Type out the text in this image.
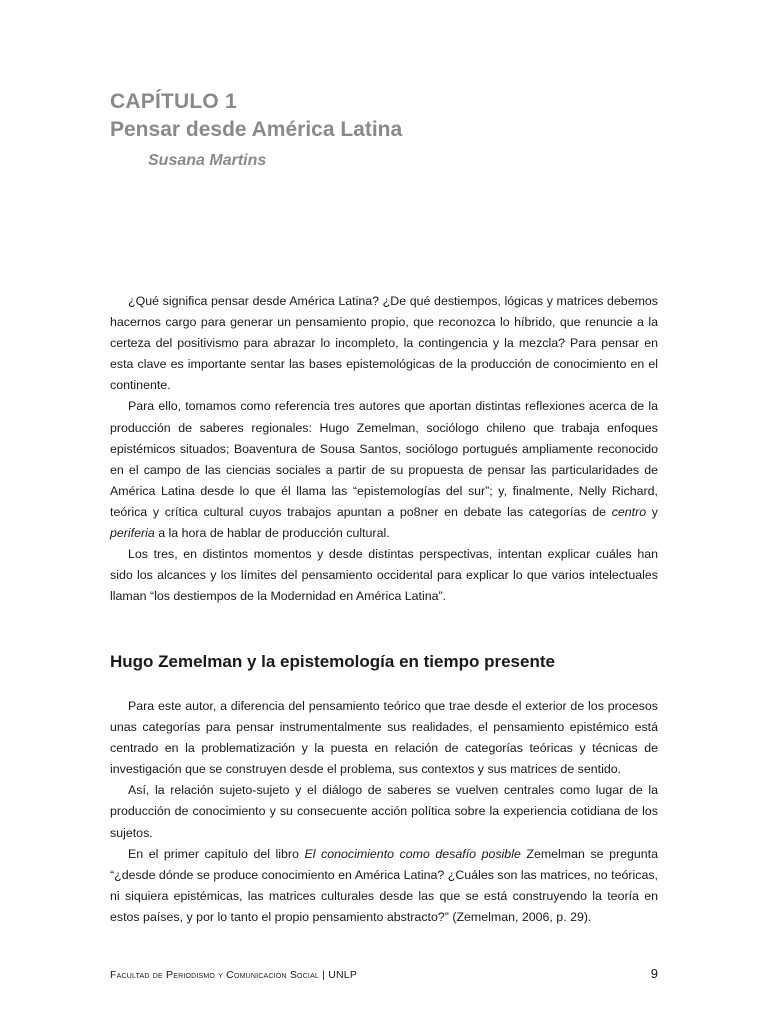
CAPÍTULO 1
Pensar desde América Latina
Susana Martins

¿Qué significa pensar desde América Latina? ¿De qué destiempos, lógicas y matrices debemos hacernos cargo para generar un pensamiento propio, que reconozca lo híbrido, que renuncie a la certeza del positivismo para abrazar lo incompleto, la contingencia y la mezcla? Para pensar en esta clave es importante sentar las bases epistemológicas de la producción de conocimiento en el continente.

Para ello, tomamos como referencia tres autores que aportan distintas reflexiones acerca de la producción de saberes regionales: Hugo Zemelman, sociólogo chileno que trabaja enfoques epistémicos situados; Boaventura de Sousa Santos, sociólogo portugués ampliamente reconocido en el campo de las ciencias sociales a partir de su propuesta de pensar las particularidades de América Latina desde lo que él llama las “epistemologías del sur”; y, finalmente, Nelly Richard, teórica y crítica cultural cuyos trabajos apuntan a po8ner en debate las categorías de centro y periferia a la hora de hablar de producción cultural.

Los tres, en distintos momentos y desde distintas perspectivas, intentan explicar cuáles han sido los alcances y los límites del pensamiento occidental para explicar lo que varios intelectuales llaman “los destiempos de la Modernidad en América Latina”.

Hugo Zemelman y la epistemología en tiempo presente

Para este autor, a diferencia del pensamiento teórico que trae desde el exterior de los procesos unas categorías para pensar instrumentalmente sus realidades, el pensamiento epistémico está centrado en la problematización y la puesta en relación de categorías teóricas y técnicas de investigación que se construyen desde el problema, sus contextos y sus matrices de sentido.

Así, la relación sujeto-sujeto y el diálogo de saberes se vuelven centrales como lugar de la producción de conocimiento y su consecuente acción política sobre la experiencia cotidiana de los sujetos.

En el primer capítulo del libro El conocimiento como desafío posible Zemelman se pregunta “¿desde dónde se produce conocimiento en América Latina? ¿Cuáles son las matrices, no teóricas, ni siquiera epistémicas, las matrices culturales desde las que se está construyendo la teoría en estos países, y por lo tanto el propio pensamiento abstracto?” (Zemelman, 2006, p. 29).

Facultad de Periodismo y Comunicación Social | UNLP	9
